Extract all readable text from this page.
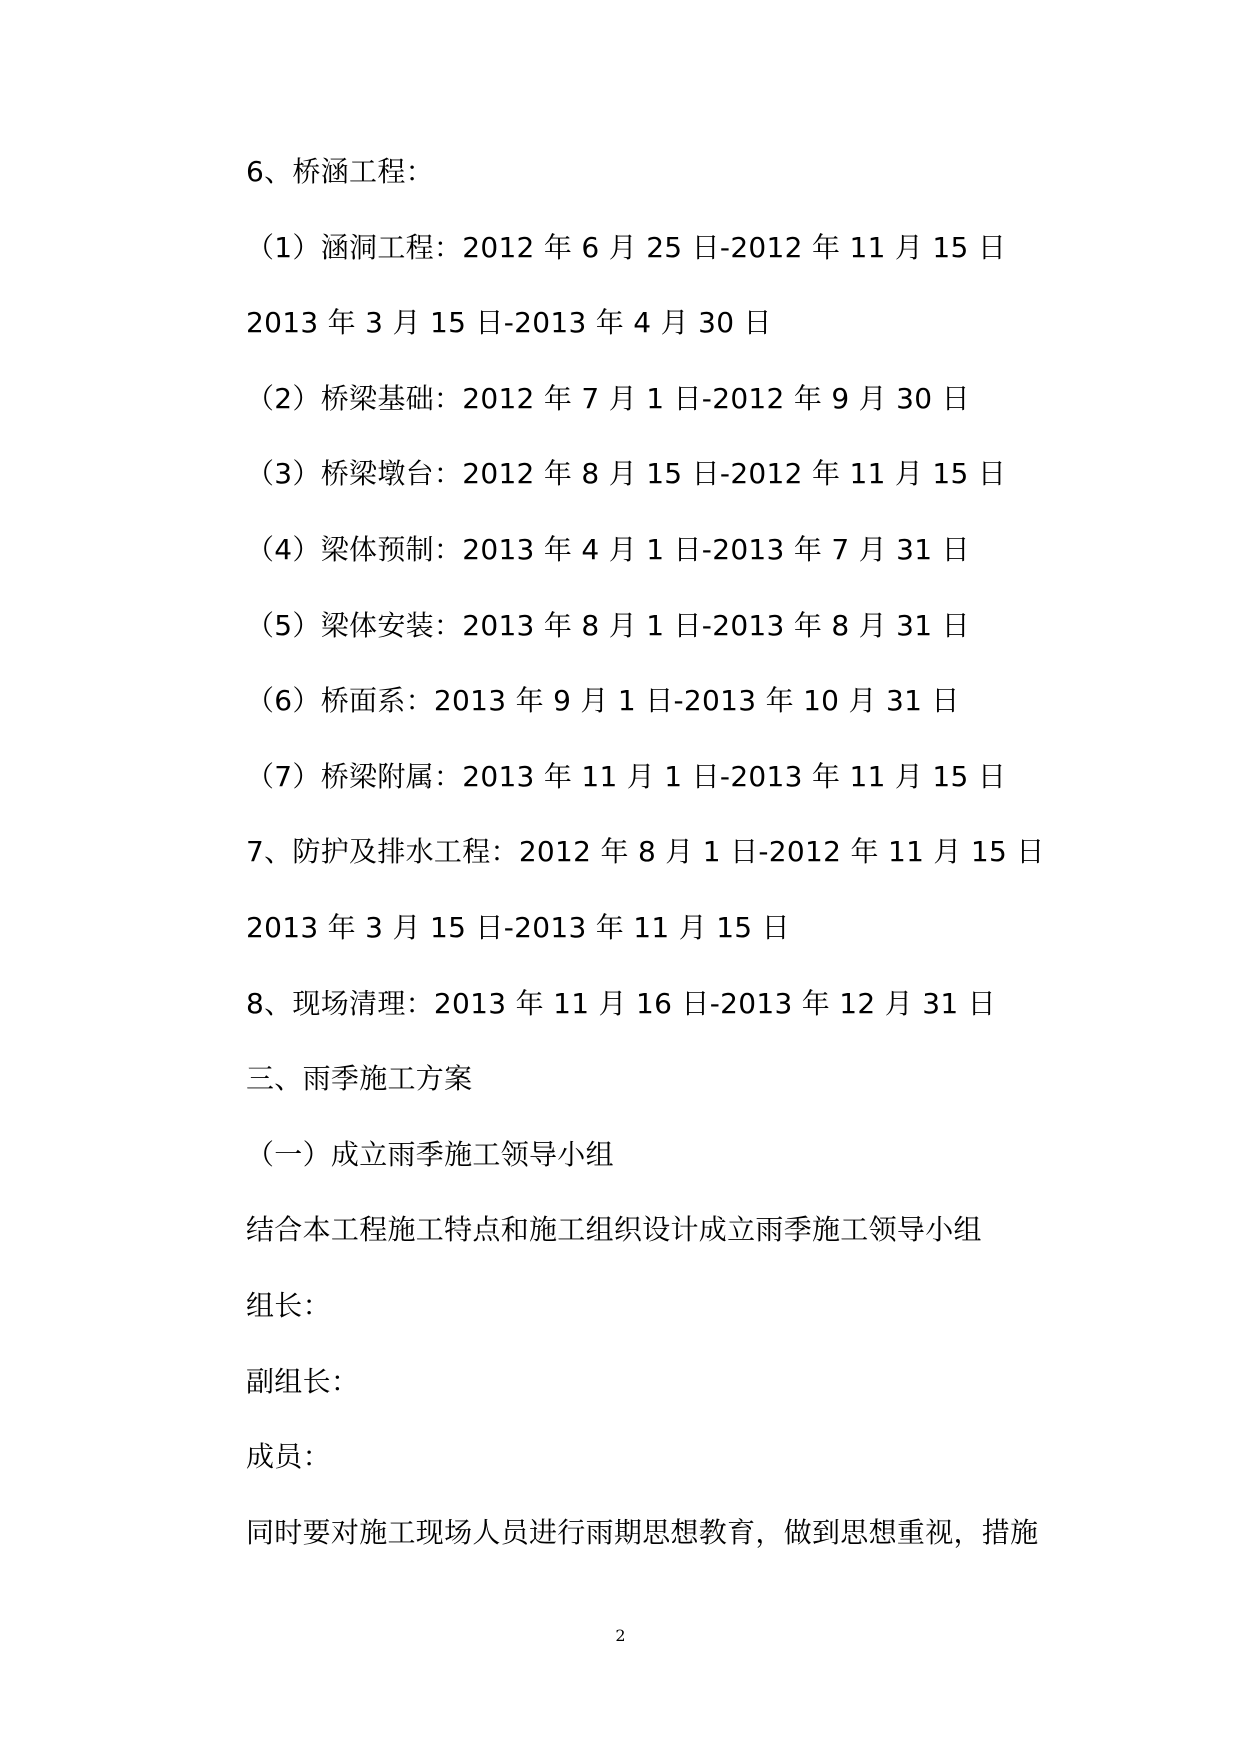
6、桥涵工程：
（1）涵洞工程：2012 年 6 月 25 日-2012 年 11 月 15 日
2013 年 3 月 15 日-2013 年 4 月 30 日
（2）桥梁基础：2012 年 7 月 1 日-2012 年 9 月 30 日
（3）桥梁墩台：2012 年 8 月 15 日-2012 年 11 月 15 日
（4）梁体预制：2013 年 4 月 1 日-2013 年 7 月 31 日
（5）梁体安装：2013 年 8 月 1 日-2013 年 8 月 31 日
（6）桥面系：2013 年 9 月 1 日-2013 年 10 月 31 日
（7）桥梁附属：2013 年 11 月 1 日-2013 年 11 月 15 日
7、防护及排水工程：2012 年 8 月 1 日-2012 年 11 月 15 日
2013 年 3 月 15 日-2013 年 11 月 15 日
8、现场清理：2013 年 11 月 16 日-2013 年 12 月 31 日
三、雨季施工方案
（一）成立雨季施工领导小组
结合本工程施工特点和施工组织设计成立雨季施工领导小组
组长：
副组长：
成员：
同时要对施工现场人员进行雨期思想教育，做到思想重视，措施
2
